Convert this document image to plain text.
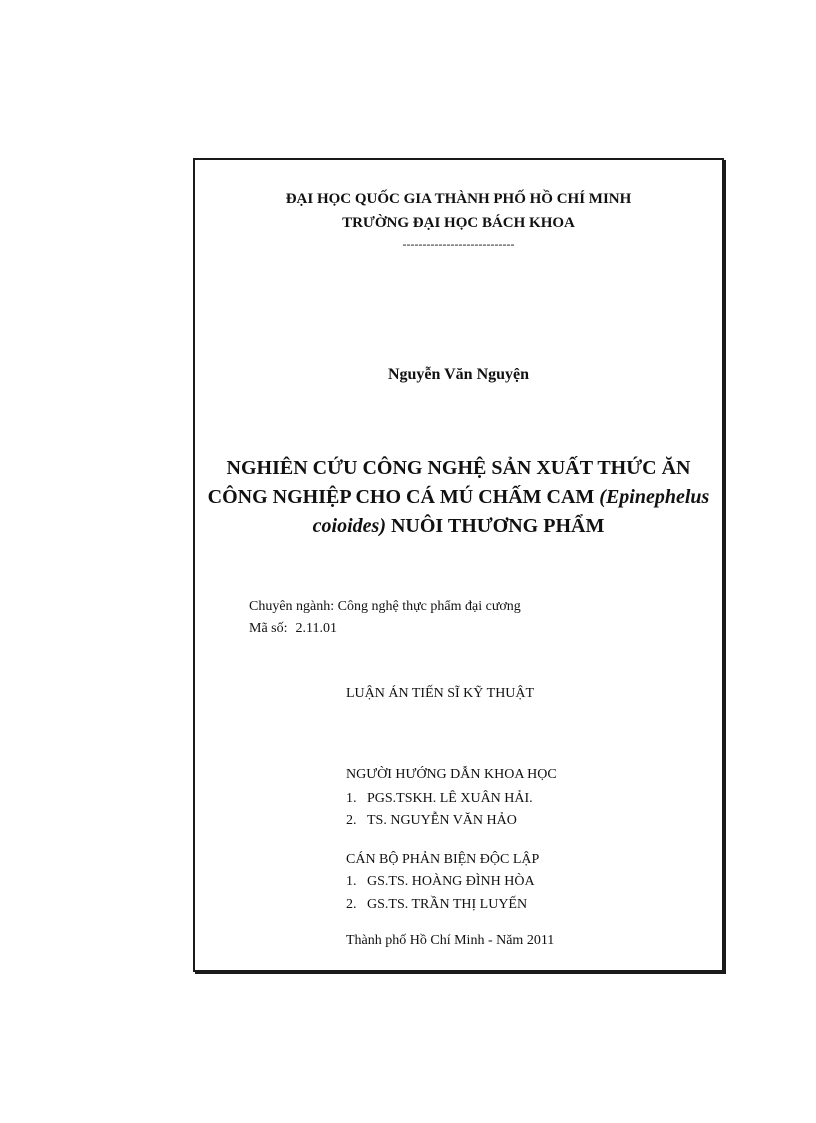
ĐẠI HỌC QUỐC GIA THÀNH PHỐ HỒ CHÍ MINH
TRƯỜNG ĐẠI HỌC BÁCH KHOA
----------------------------
Nguyễn Văn Nguyện
NGHIÊN CỨU CÔNG NGHỆ SẢN XUẤT THỨC ĂN
CÔNG NGHIỆP CHO CÁ MÚ CHẤM CAM (Epinephelus
coioides) NUÔI THƯƠNG PHẨM
Chuyên ngành: Công nghệ thực phẩm đại cương
Mã số: 2.11.01
LUẬN ÁN TIẾN SĨ KỸ THUẬT
NGƯỜI HƯỚNG DẪN KHOA HỌC
1. PGS.TSKH. LÊ XUÂN HẢI.
2. TS. NGUYỄN VĂN HẢO
CÁN BỘ PHẢN BIỆN ĐỘC LẬP
1. GS.TS. HOÀNG ĐÌNH HÒA
2. GS.TS. TRẦN THỊ LUYẾN
Thành phố Hồ Chí Minh - Năm 2011
